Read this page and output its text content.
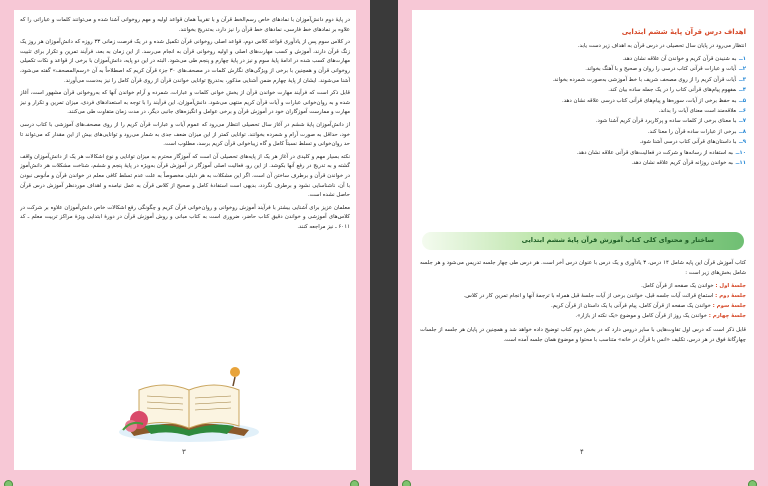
در پایهٔ دوم دانش‌آموزان با نمادهای خاص رسم‌الخط قرآن و با تقریباً همان قواعد اولیه و مهم روخوانی آشنا شده و می‌توانند کلمات و عباراتی را که علاوه بر نمادهای خط فارسی، نمادهای خط قرآن را نیز دارد، به‌تدریج بخوانند.

در کلاس سوم پس از یادآوری قواعد کلاس دوم، قواعد اصلی روخوانی قرآن تکمیل شده و در یک فرصت زمانی ۳۳ روزه که دانش‌آموزان هر روز یک زنگ قرآن دارند، آموزش و کسب مهارت‌های اصلی و اولیه روخوانی قرآن به انجام می‌رسد. از این زمان به بعد، فرآیند تمرین و تکرار برای تثبیت مهارت‌های کسب شده در ادامهٔ پایهٔ سوم و نیز در پایهٔ چهارم و پنجم طی می‌شود. البته در این دو پایه، دانش‌آموزان با برخی از قواعد و نکات تکمیلی روخوانی قرآن و همچنین با برخی از ویژگی‌های نگارش کلمات در مصحف‌های ۳۰ جزء قرآن کریم که اصطلاحاً به آن «رسم‌المصحف» گفته می‌شود، آشنا می‌شوند. ایشان از پایهٔ چهارم ضمن آشنایی مذکور، به‌تدریج توانایی خواندن قرآن از روی قرآن کامل را نیز به‌دست می‌آورند.

قابل ذکر است که فرآیند مهارت خواندن قرآن از یخش خوانی کلمات و عبارات، شمرده و آرام خواندن آنها که به‌روخوانی قرآن مشهور است، آغاز شده و به روان‌خوانی عبارات و آیات قرآن کریم منتهی می‌شود. دانش‌آموزان، این فرآیند را با توجه به استعدادهای فردی، میزان تمرین و تکرار و نیز مهارت و ممارست آموزگاران خود در آموزش قرآن و برخی عوامل و انگیزه‌های جانبی دیگر، در مدت زمان متفاوت طی می‌کنند.

از دانش‌آموزان پایهٔ ششم در آغاز سال تحصیلی انتظار می‌رود که عموم آیات و عبارات قرآن کریم را از روی مصحف‌های آموزشی با کتاب درسی خود، حداقل به صورت آرام و شمرده بخوانند. توانایی کمتر از این میزان ضعف جدی به شمار می‌رود و توانایی‌های بیش از این مقدار که می‌تواند تا حد روان‌خوانی و تسلط نسبتاً کامل و گاه زیباخوانی قرآن کریم برسد، مطلوب است.

نکته بسیار مهم و کلیدی در آغاز هر یک از پایه‌های تحصیلی آن است که آموزگار محترم به میزان توانایی و نوع اشکالات هر یک از دانش‌آموزان واقف گشته و به تدریج در رفع آنها بکوشد. از این رو، فعالیت اصلی آموزگار در آموزش قرآن به‌ویژه در پایهٔ پنجم و ششم، شناخت مشکلات هر دانش‌آموز در خواندن قرآن و برطرف ساختن آن است. اگر این مشکلات به هر دلیلی مخصوصاً به علت عدم تسلط کافی معلم در خواندن قرآن و مأنوس نبودن با آن، ناشناسایی نشود و برطرف نگردد، بدیهی است استفادهٔ کامل و صحیح از کلاس قرآن به عمل نیامده و اهداف موردنظر آموزش درس قرآن حاصل نشده است.

معلمان عزیز برای آشنایی بیشتر با فرآیند آموزش روخوانی و روان‌خوانی قرآن کریم و چگونگی رفع اشکالات خاص دانش‌آموزان علاوه بر شرکت در کلاس‌های آموزشی و خواندن دقیق کتاب حاضر، ضروری است به کتاب مبانی و روش آموزش قرآن در دورهٔ ابتدایی ویژهٔ مراکز تربیت معلم ـ کد ۶۰۱۱ ـ نیز مراجعه کنند.

۳
اهداف درس قرآن پایهٔ ششم ابتدایی
انتظار می‌رود در پایان سال تحصیلی در درس قرآن به اهداف زیر دست یابد.
۱ــبه شنیدن قرآن کریم و خواندن آن علاقه نشان دهد.
۲ــآیات و عبارات قرآنی کتاب درسی را روان و صحیح و با آهنگ بخواند.
۳ــآیات قرآن کریم را از روی مصحف شریف با خط آموزشی به‌صورت شمرده بخواند.
۴ــمفهوم پیام‌های قرآنی کتاب را در یک جمله ساده بیان کند.
۵ــبه حفظ برخی از آیات، سوره‌ها و پیام‌های قرآنی کتاب درسی علاقه نشان دهد.
۶ــعلاقه‌مند است معنای آیات را بداند.
۷ــبا معنای برخی از کلمات ساده و پرکاربرد قرآن کریم آشنا شود.
۸ــبرخی از عبارات ساده قرآن را معنا کند.
۹ــبا داستان‌های قرآنی کتاب درسی آشنا شود.
۱۰ــبه استفاده از رسانه‌ها و شرکت در فعالیت‌های قرآنی علاقه نشان دهد.
۱۱ــبه خواندن روزانه قرآن کریم علاقه نشان دهد.
ساختار و محتوای کلی کتاب آموزش قرآن پایهٔ ششم ابتدایی

کتاب آموزش قرآن این پایه شامل ۱۴ درس، ۳ یادآوری و یک درس با عنوان درس آخر است. هر درس طی چهار جلسه تدریس می‌شود و هر جلسه شامل بخش‌های زیر است :

جلسهٔ اول : خواندن یک صفحه از قرآن کامل.
جلسهٔ دوم : استماع قرائت آیات جلسه قبل، خواندن برخی از آیات جلسهٔ قبل همراه با ترجمهٔ آنها و انجام تمرین کار در کلاس.
جلسهٔ سوم : خواندن یک صفحه از قرآن کامل، پیام قرآنی یا یک داستان از قرآن کریم.
جلسهٔ چهارم : خواندن یک روز از قرآن کامل و موضوع «یک نکته از بازار».

قابل ذکر است که درس اول تفاوت‌هایی با سایر دروس دارد که در بخش دوم کتاب توضیح داده خواهد شد و همچنین در پایان هر جلسه از جلسات چهارگانهٔ فوق در هر درس، تکلیف «انس با قرآن در خانه» متناسب با محتوا و موضوع همان جلسه آمده است.

۴
